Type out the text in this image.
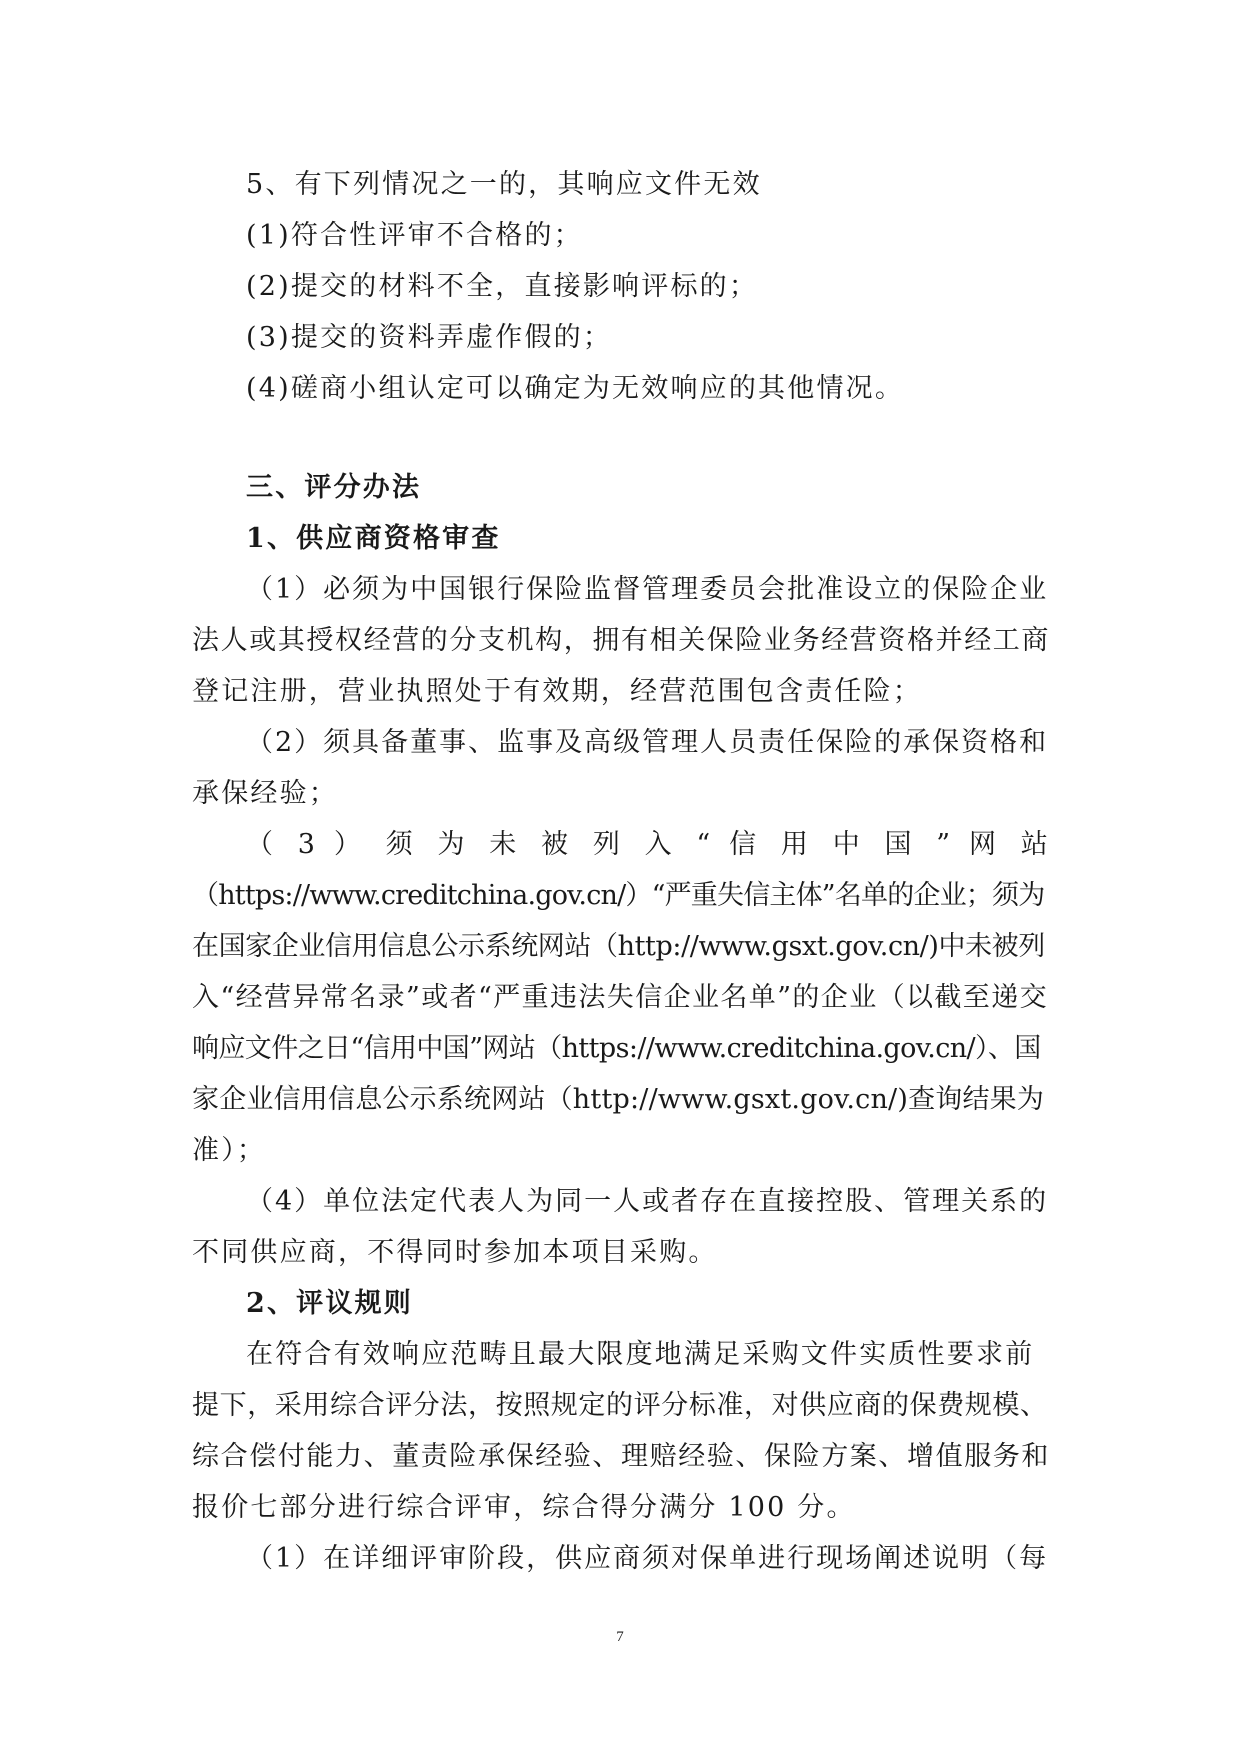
5、有下列情况之一的，其响应文件无效
(1)符合性评审不合格的；
(2)提交的材料不全，直接影响评标的；
(3)提交的资料弄虚作假的；
(4)磋商小组认定可以确定为无效响应的其他情况。
三、评分办法
1、供应商资格审查
（1）必须为中国银行保险监督管理委员会批准设立的保险企业
法人或其授权经营的分支机构，拥有相关保险业务经营资格并经工商
登记注册，营业执照处于有效期，经营范围包含责任险；
（2）须具备董事、监事及高级管理人员责任保险的承保资格和
承保经验；
（ 3 ） 须 为 未 被 列 入 “ 信 用 中 国 ” 网 站
（https://www.creditchina.gov.cn/）“严重失信主体”名单的企业；须为
在国家企业信用信息公示系统网站（http://www.gsxt.gov.cn/)中未被列
入“经营异常名录”或者“严重违法失信企业名单”的企业（以截至递交
响应文件之日“信用中国”网站（https://www.creditchina.gov.cn/）、国
家企业信用信息公示系统网站（http://www.gsxt.gov.cn/)查询结果为
准）；
（4）单位法定代表人为同一人或者存在直接控股、管理关系的
不同供应商，不得同时参加本项目采购。
2、评议规则
在符合有效响应范畴且最大限度地满足采购文件实质性要求前
提下，采用综合评分法，按照规定的评分标准，对供应商的保费规模、
综合偿付能力、董责险承保经验、理赔经验、保险方案、增值服务和
报价七部分进行综合评审，综合得分满分 100 分。
（1）在详细评审阶段，供应商须对保单进行现场阐述说明（每
7
